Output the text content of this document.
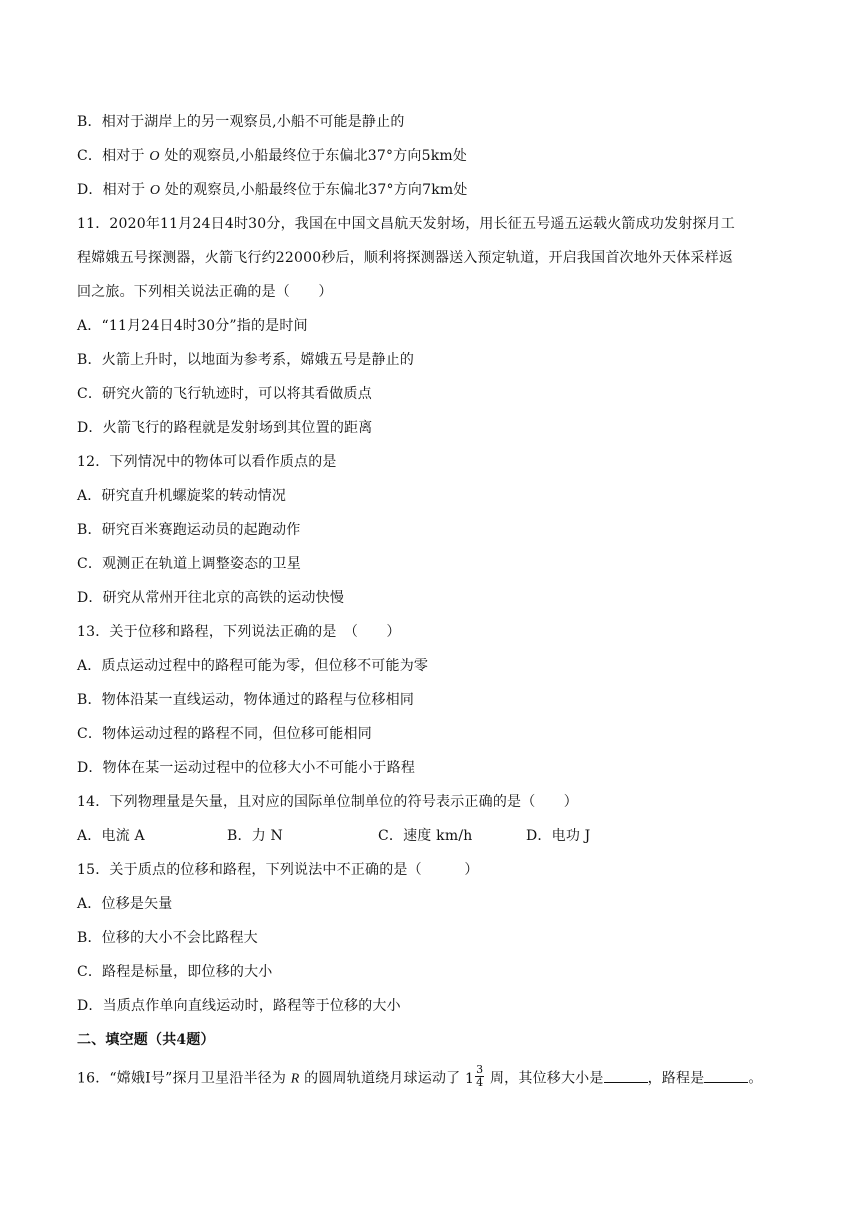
B．相对于湖岸上的另一观察员,小船不可能是静止的
C．相对于 O 处的观察员,小船最终位于东偏北37°方向5km处
D．相对于 O 处的观察员,小船最终位于东偏北37°方向7km处
11．2020年11月24日4时30分，我国在中国文昌航天发射场，用长征五号遥五运载火箭成功发射探月工
程嫦娥五号探测器，火箭飞行约22000秒后，顺利将探测器送入预定轨道，开启我国首次地外天体采样返
回之旅。下列相关说法正确的是（　　）
A．“11月24日4时30分”指的是时间
B．火箭上升时，以地面为参考系，嫦娥五号是静止的
C．研究火箭的飞行轨迹时，可以将其看做质点
D．火箭飞行的路程就是发射场到其位置的距离
12．下列情况中的物体可以看作质点的是
A．研究直升机螺旋桨的转动情况
B．研究百米赛跑运动员的起跑动作
C．观测正在轨道上调整姿态的卫星
D．研究从常州开往北京的高铁的运动快慢
13．关于位移和路程，下列说法正确的是　（　　）
A．质点运动过程中的路程可能为零，但位移不可能为零
B．物体沿某一直线运动，物体通过的路程与位移相同
C．物体运动过程的路程不同，但位移可能相同
D．物体在某一运动过程中的位移大小不可能小于路程
14．下列物理量是矢量，且对应的国际单位制单位的符号表示正确的是（　　）
A．电流 A	B．力 N	C．速度 km/h	D．电功 J
15．关于质点的位移和路程，下列说法中不正确的是（　　　）
A．位移是矢量
B．位移的大小不会比路程大
C．路程是标量，即位移的大小
D．当质点作单向直线运动时，路程等于位移的大小
二、填空题（共4题）
16．“嫦娥I号”探月卫星沿半径为 R 的圆周轨道绕月球运动了 $1 \frac{3}{4}$ 周，其位移大小是	，路程是	。
